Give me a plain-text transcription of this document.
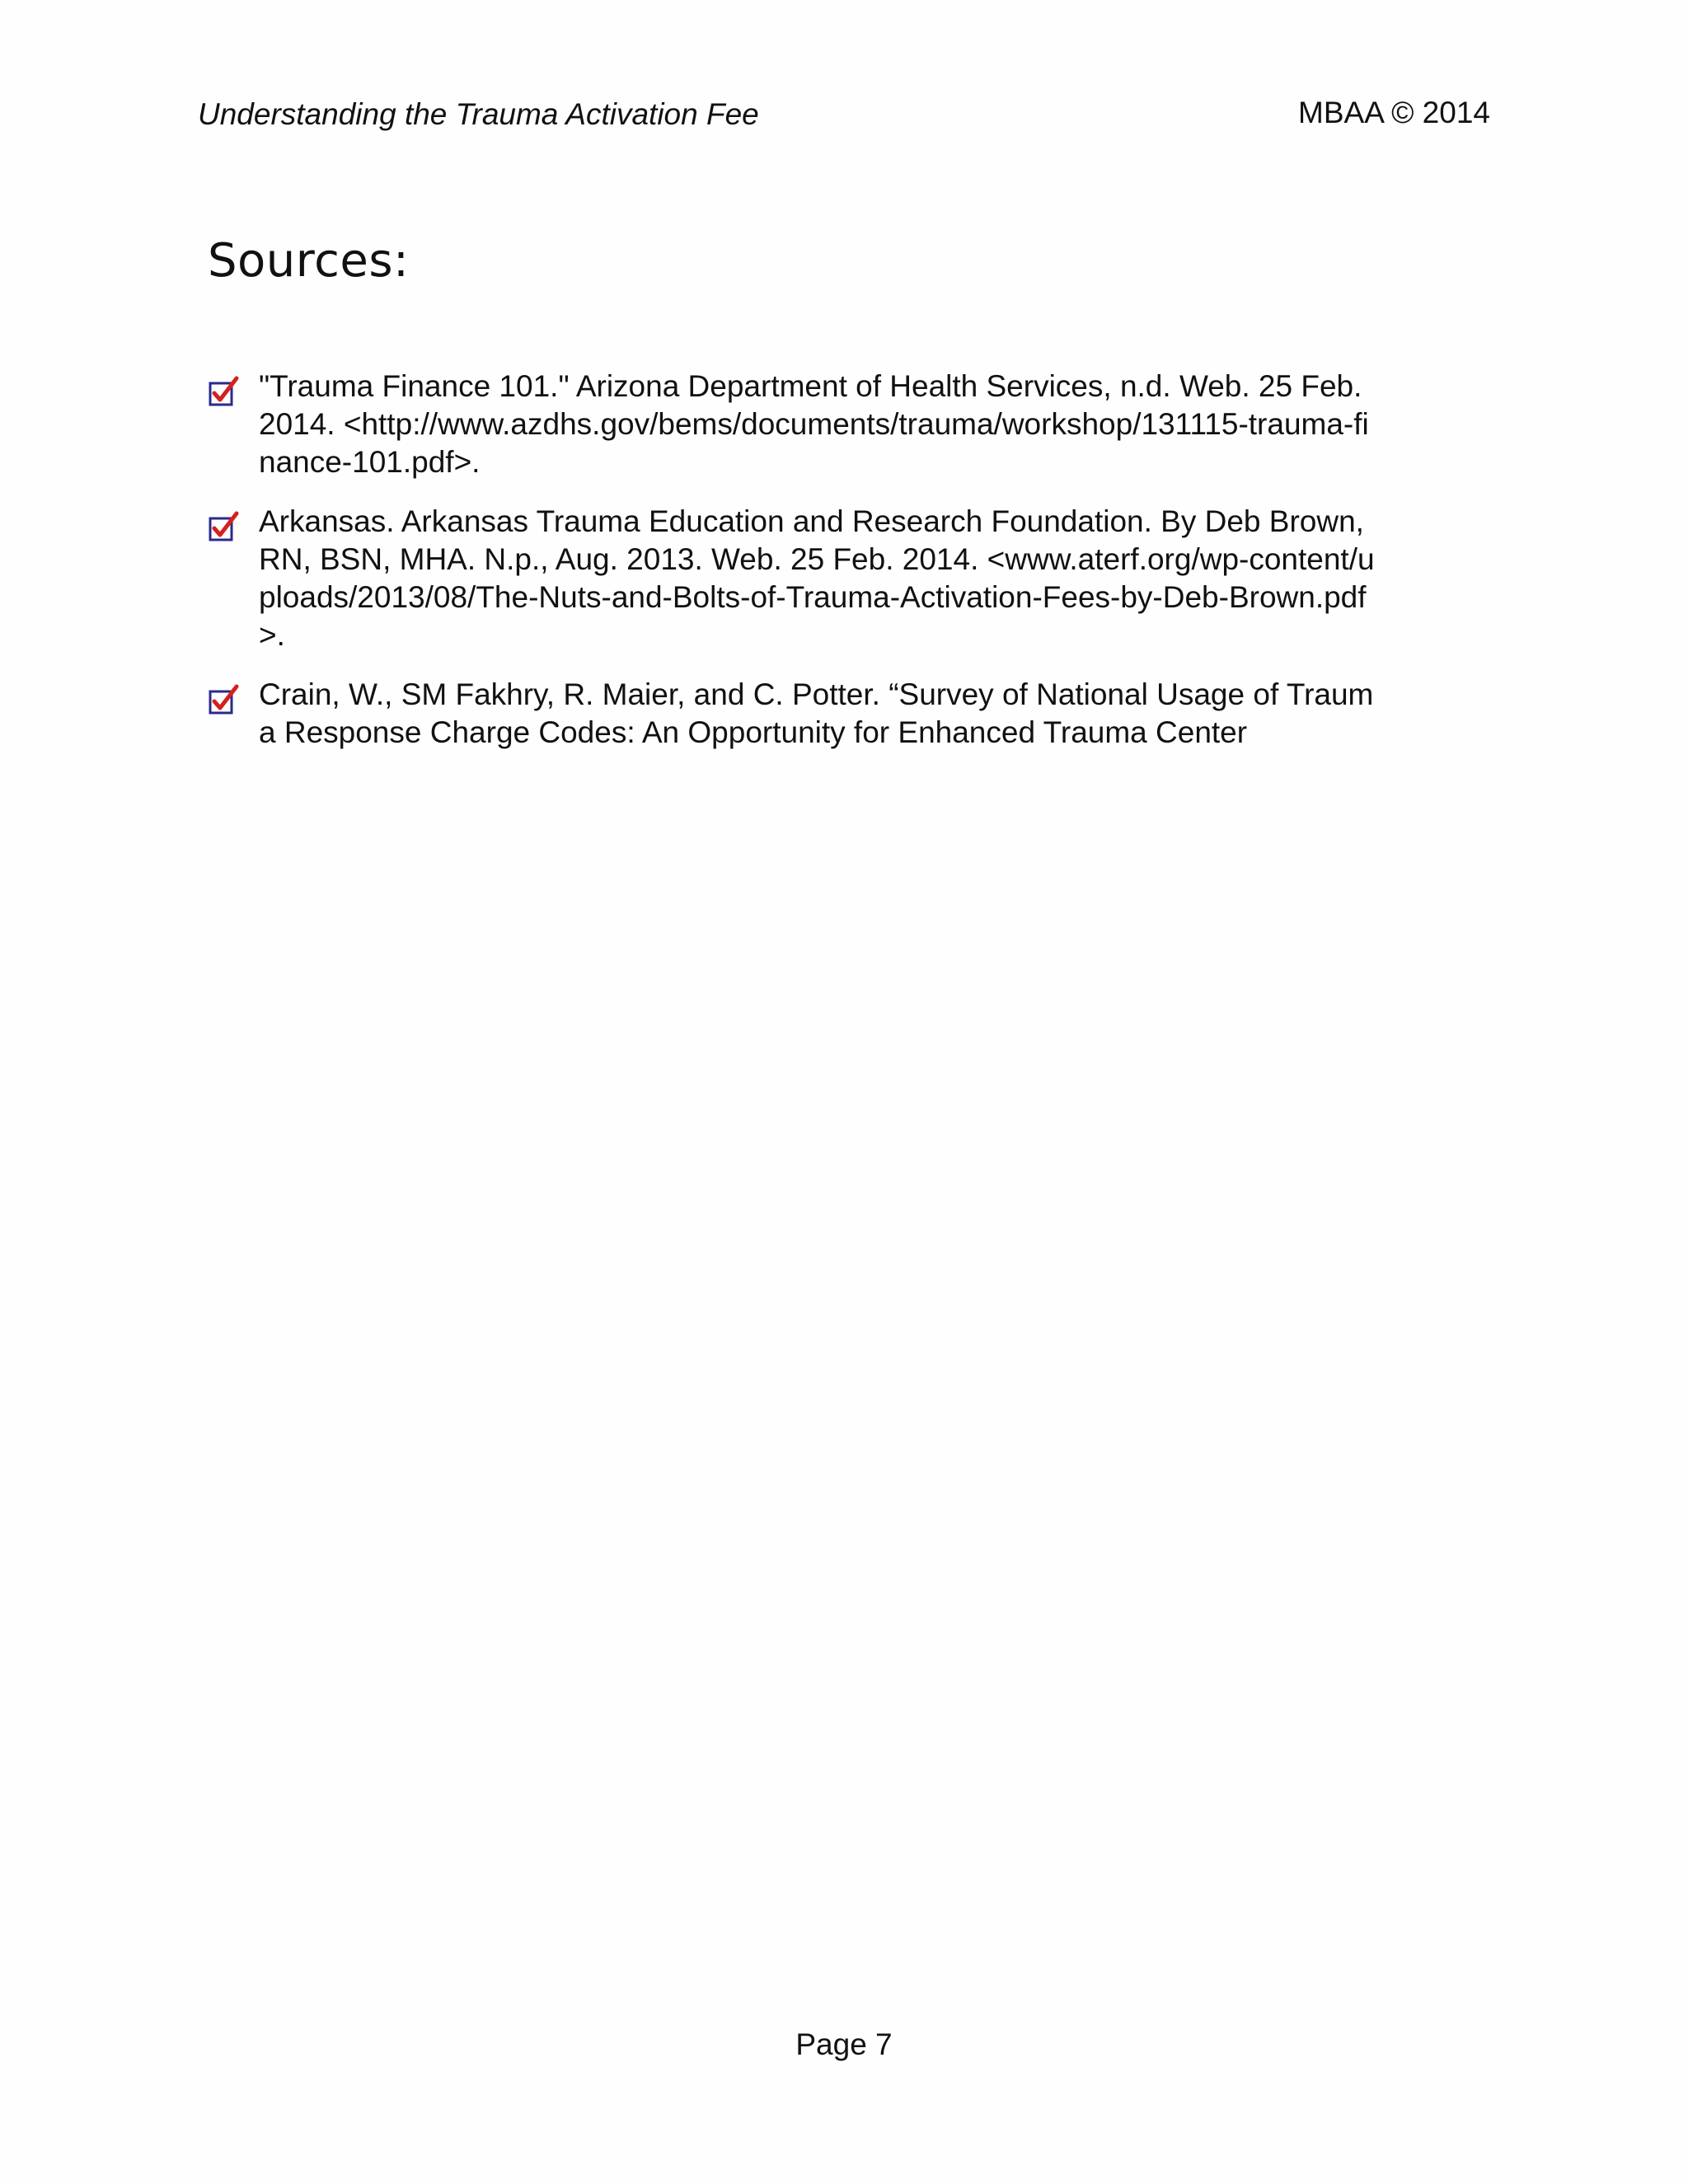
Understanding the Trauma Activation Fee	MBAA © 2014
Sources:
"Trauma Finance 101." Arizona Department of Health Services, n.d. Web. 25 Feb. 2014. <http://www.azdhs.gov/bems/documents/trauma/workshop/131115-trauma-finance-101.pdf>.
Arkansas. Arkansas Trauma Education and Research Foundation. By Deb Brown, RN, BSN, MHA. N.p., Aug. 2013. Web. 25 Feb. 2014. <www.aterf.org/wp-content/uploads/2013/08/The-Nuts-and-Bolts-of-Trauma-Activation-Fees-by-Deb-Brown.pdf>.
Crain, W., SM Fakhry, R. Maier, and C. Potter. “Survey of National Usage of Trauma Response Charge Codes: An Opportunity for Enhanced Trauma Center
Page 7
